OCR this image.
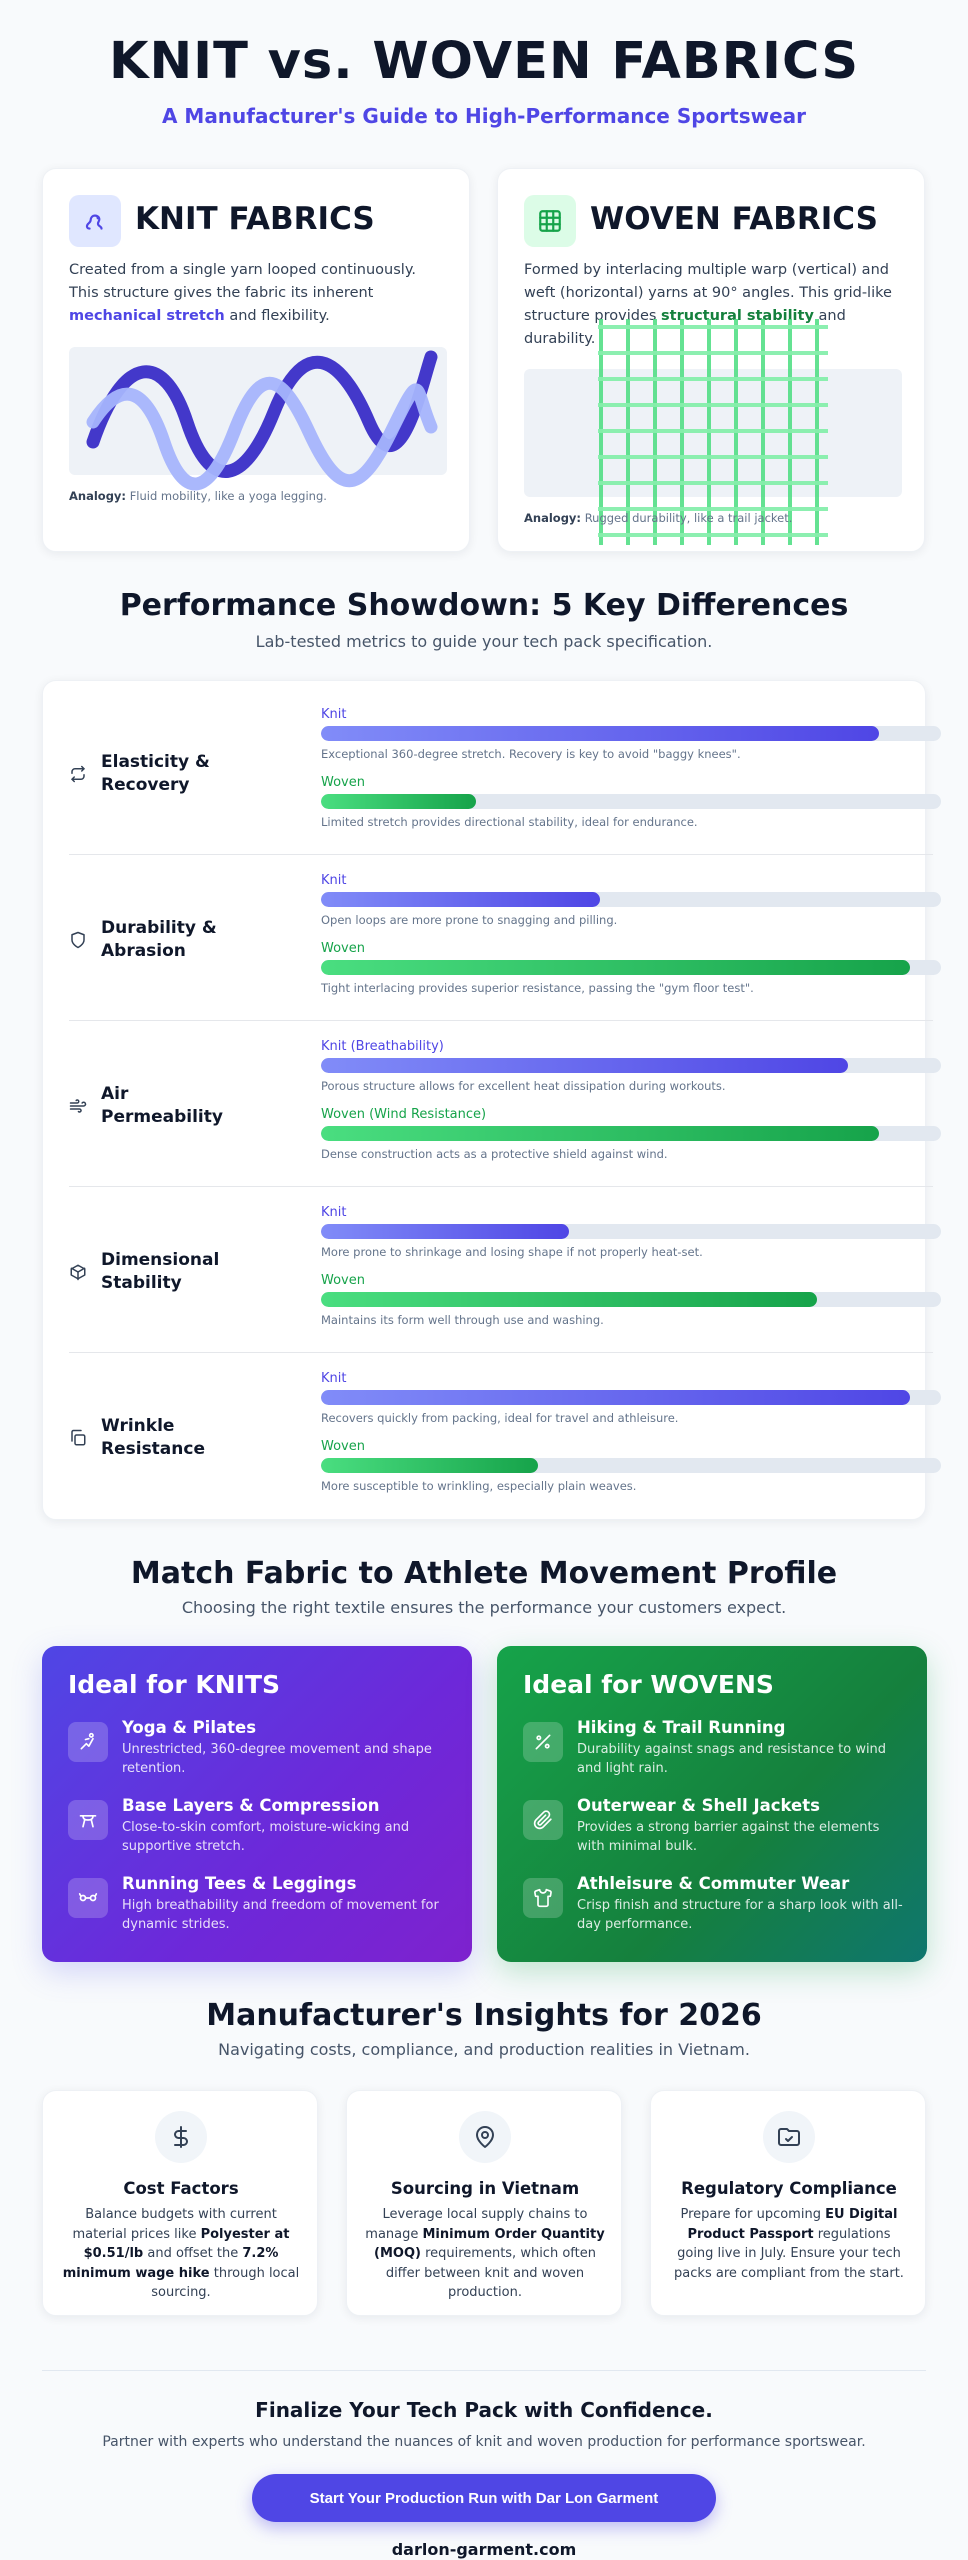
KNIT vs. WOVEN FABRICS
A Manufacturer's Guide to High-Performance Sportswear
KNIT FABRICS
Created from a single yarn looped continuously. This structure gives the fabric its inherent mechanical stretch and flexibility.
Analogy: Fluid mobility, like a yoga legging.
WOVEN FABRICS
Formed by interlacing multiple warp (vertical) and weft (horizontal) yarns at 90° angles. This grid-like structure provides structural stability and durability.
Analogy: Rugged durability, like a trail jacket.
Performance Showdown: 5 Key Differences
Lab-tested metrics to guide your tech pack specification.
Elasticity & Recovery
Knit
Exceptional 360-degree stretch. Recovery is key to avoid "baggy knees".
Woven
Limited stretch provides directional stability, ideal for endurance.
Durability & Abrasion
Knit
Open loops are more prone to snagging and pilling.
Woven
Tight interlacing provides superior resistance, passing the "gym floor test".
Air Permeability
Knit (Breathability)
Porous structure allows for excellent heat dissipation during workouts.
Woven (Wind Resistance)
Dense construction acts as a protective shield against wind.
Dimensional Stability
Knit
More prone to shrinkage and losing shape if not properly heat-set.
Woven
Maintains its form well through use and washing.
Wrinkle Resistance
Knit
Recovers quickly from packing, ideal for travel and athleisure.
Woven
More susceptible to wrinkling, especially plain weaves.
Match Fabric to Athlete Movement Profile
Choosing the right textile ensures the performance your customers expect.
Ideal for KNITS
Yoga & Pilates
Unrestricted, 360-degree movement and shape retention.
Base Layers & Compression
Close-to-skin comfort, moisture-wicking and supportive stretch.
Running Tees & Leggings
High breathability and freedom of movement for dynamic strides.
Ideal for WOVENS
Hiking & Trail Running
Durability against snags and resistance to wind and light rain.
Outerwear & Shell Jackets
Provides a strong barrier against the elements with minimal bulk.
Athleisure & Commuter Wear
Crisp finish and structure for a sharp look with all-day performance.
Manufacturer's Insights for 2026
Navigating costs, compliance, and production realities in Vietnam.
Cost Factors
Balance budgets with current material prices like Polyester at $0.51/lb and offset the 7.2% minimum wage hike through local sourcing.
Sourcing in Vietnam
Leverage local supply chains to manage Minimum Order Quantity (MOQ) requirements, which often differ between knit and woven production.
Regulatory Compliance
Prepare for upcoming EU Digital Product Passport regulations going live in July. Ensure your tech packs are compliant from the start.
Finalize Your Tech Pack with Confidence.
Partner with experts who understand the nuances of knit and woven production for performance sportswear.
Start Your Production Run with Dar Lon Garment
darlon-garment.com
